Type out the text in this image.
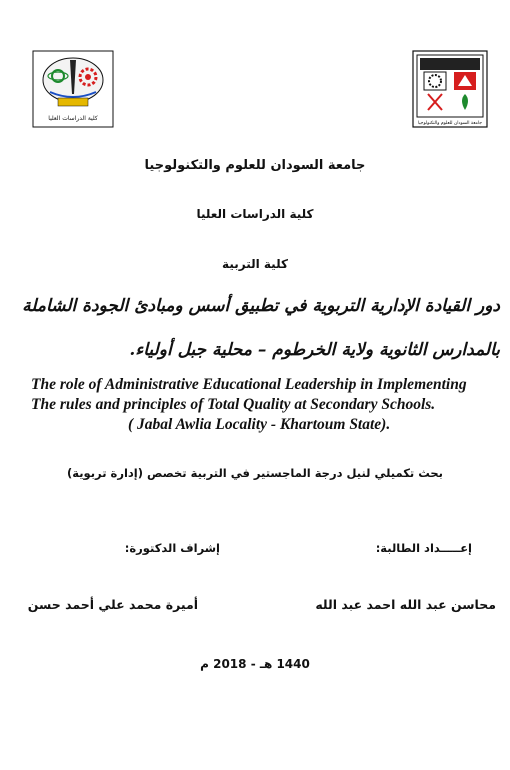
كلية الدراسات العليا
جامعة السودان للعلوم والتكنولوجيا
جامعة السودان للعلوم والتكنولوجيا
كلية الدراسات العليا
كلية التربية
دور القيادة الإدارية التربوية في تطبيق أسس ومبادئ الجودة الشاملة
بالمدارس الثانوية ولاية الخرطوم – محلية جبل أولياء.
The role of Administrative Educational Leadership in Implementing
The rules and principles of Total Quality at Secondary Schools.
( Jabal Awlia Locality - Khartoum State).
بحث تكميلي لنيل درجة الماجستير في التربية تخصص (إدارة تربوية)
إعـــــداد الطالبة:
إشراف الدكتورة:
محاسن عبد الله احمد عبد الله
أميرة محمد علي أحمد حسن
1440 هـ - 2018 م
